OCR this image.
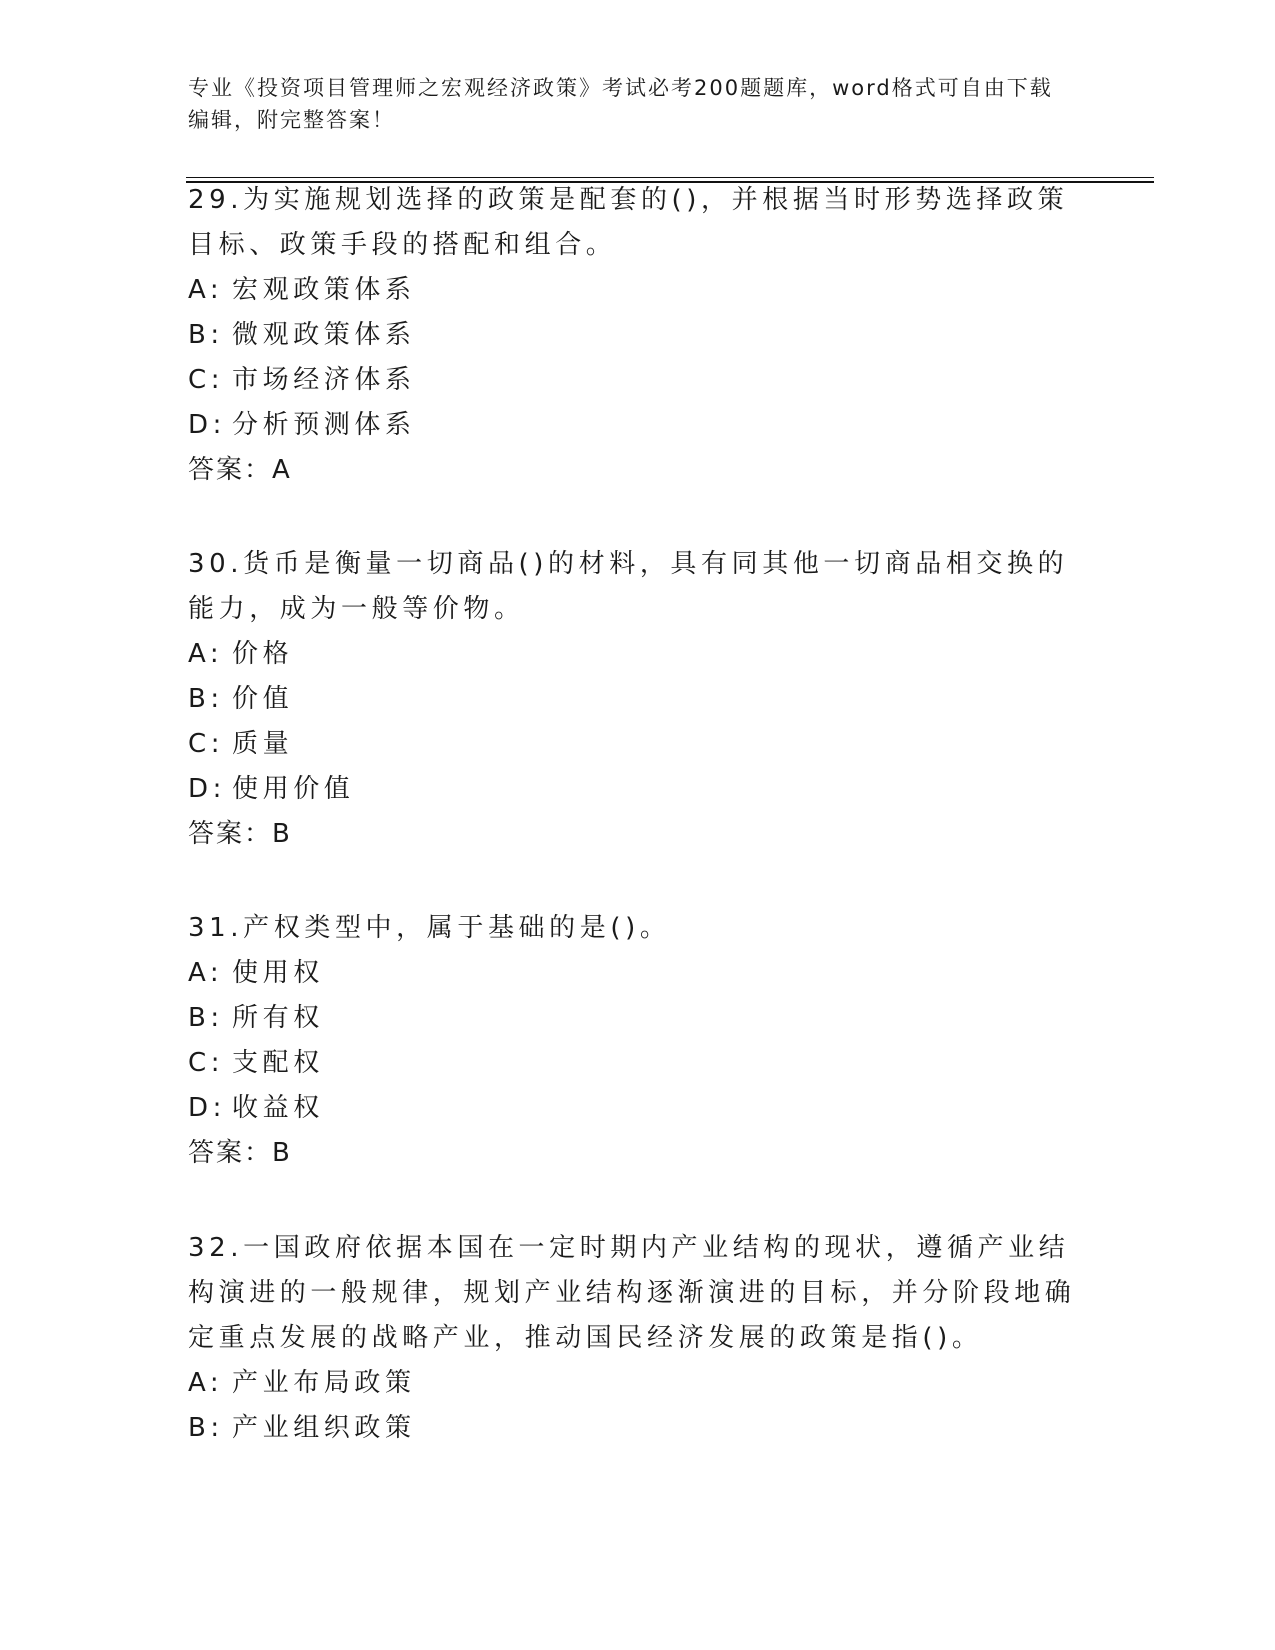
专业《投资项目管理师之宏观经济政策》考试必考200题题库，word格式可自由下载编辑，附完整答案！

29.为实施规划选择的政策是配套的()，并根据当时形势选择政策目标、政策手段的搭配和组合。

A: 宏观政策体系

B: 微观政策体系

C: 市场经济体系

D: 分析预测体系

答案：A

30.货币是衡量一切商品()的材料，具有同其他一切商品相交换的能力，成为一般等价物。

A: 价格

B: 价值

C: 质量

D: 使用价值

答案：B

31.产权类型中，属于基础的是()。

A: 使用权

B: 所有权

C: 支配权

D: 收益权

答案：B

32.一国政府依据本国在一定时期内产业结构的现状，遵循产业结构演进的一般规律，规划产业结构逐渐演进的目标，并分阶段地确定重点发展的战略产业，推动国民经济发展的政策是指()。

A: 产业布局政策

B: 产业组织政策
